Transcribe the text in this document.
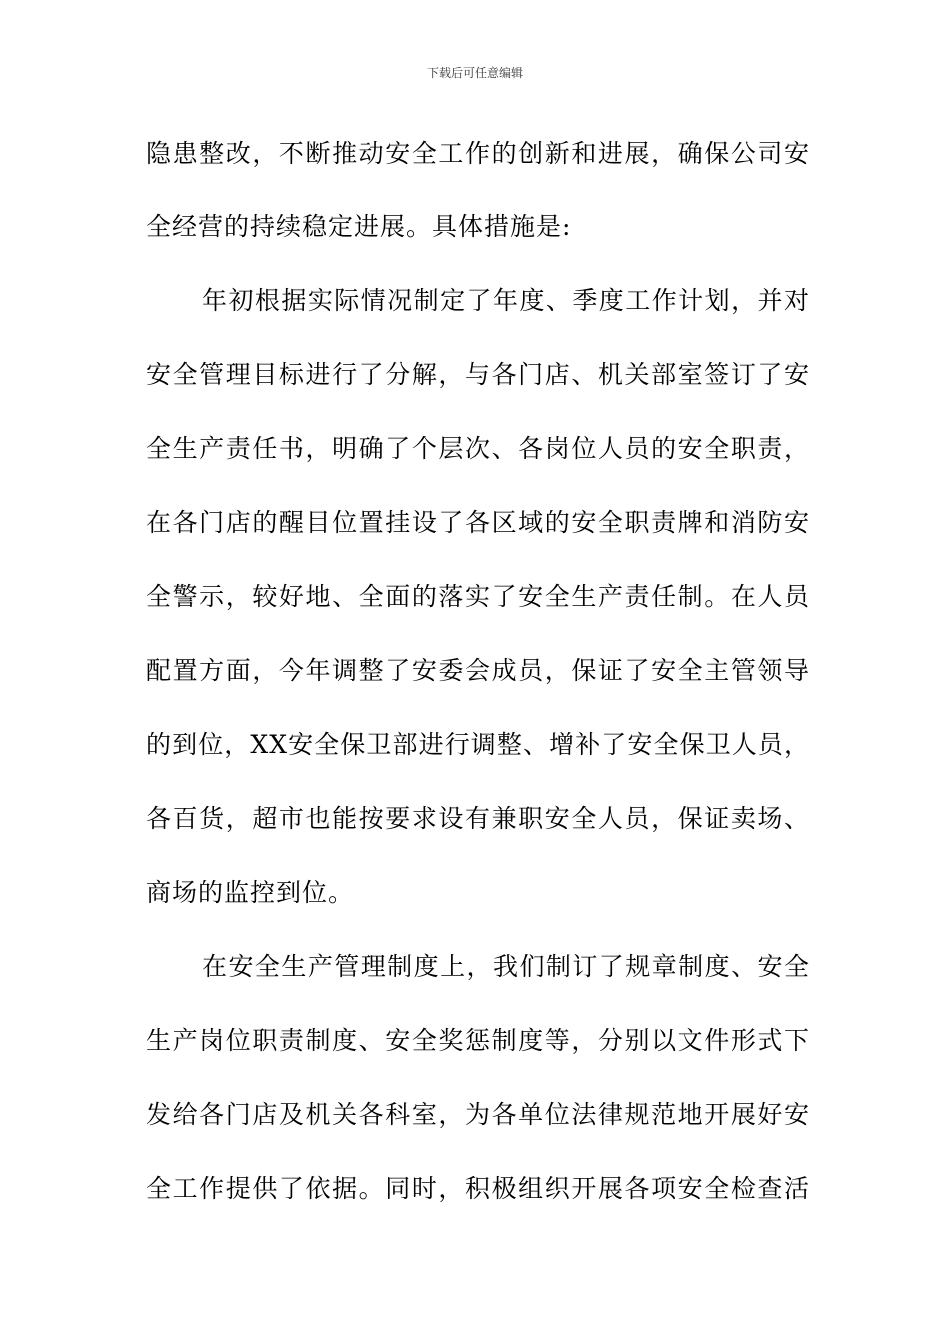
下载后可任意编辑
隐患整改，不断推动安全工作的创新和进展，确保公司安
全经营的持续稳定进展。具体措施是:
年初根据实际情况制定了年度、季度工作计划，并对
安全管理目标进行了分解，与各门店、机关部室签订了安
全生产责任书，明确了个层次、各岗位人员的安全职责，
在各门店的醒目位置挂设了各区域的安全职责牌和消防安
全警示，较好地、全面的落实了安全生产责任制。在人员
配置方面，今年调整了安委会成员，保证了安全主管领导
的到位，XX安全保卫部进行调整、增补了安全保卫人员，
各百货，超市也能按要求设有兼职安全人员，保证卖场、
商场的监控到位。
在安全生产管理制度上，我们制订了规章制度、安全
生产岗位职责制度、安全奖惩制度等，分别以文件形式下
发给各门店及机关各科室，为各单位法律规范地开展好安
全工作提供了依据。同时，积极组织开展各项安全检查活
